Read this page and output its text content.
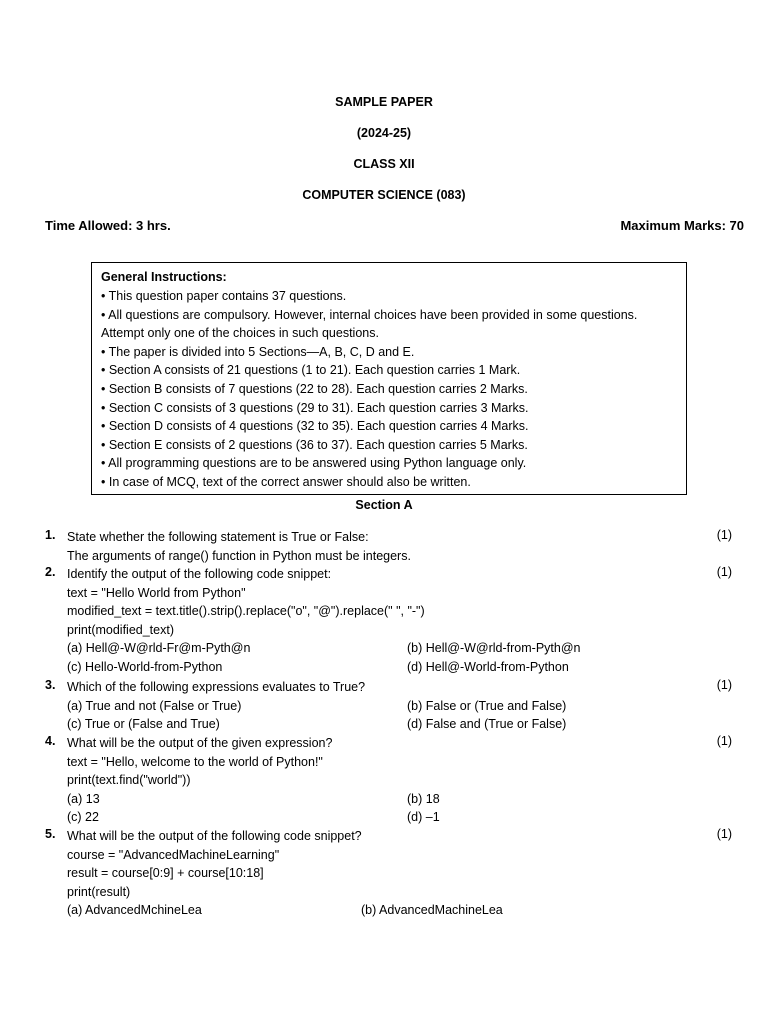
SAMPLE PAPER
(2024-25)
CLASS XII
COMPUTER SCIENCE (083)
Time Allowed: 3 hrs.	Maximum Marks: 70
General Instructions:
• This question paper contains 37 questions.
• All questions are compulsory. However, internal choices have been provided in some questions.
Attempt only one of the choices in such questions.
• The paper is divided into 5 Sections—A, B, C, D and E.
• Section A consists of 21 questions (1 to 21). Each question carries 1 Mark.
• Section B consists of 7 questions (22 to 28). Each question carries 2 Marks.
• Section C consists of 3 questions (29 to 31). Each question carries 3 Marks.
• Section D consists of 4 questions (32 to 35). Each question carries 4 Marks.
• Section E consists of 2 questions (36 to 37). Each question carries 5 Marks.
• All programming questions are to be answered using Python language only.
• In case of MCQ, text of the correct answer should also be written.
Section A
1.	(1)
State whether the following statement is True or False:
The arguments of range() function in Python must be integers.
2.	(1)
Identify the output of the following code snippet:
text = "Hello World from Python"
modified_text = text.title().strip().replace("o", "@").replace(" ", "-")
print(modified_text)
(a) Hell@-W@rld-Fr@m-Pyth@n	(b) Hell@-W@rld-from-Pyth@n
(c) Hello-World-from-Python	(d) Hell@-World-from-Python
3.	(1)
Which of the following expressions evaluates to True?
(a) True and not (False or True)	(b) False or (True and False)
(c) True or (False and True)	(d) False and (True or False)
4.	(1)
What will be the output of the given expression?
text = "Hello, welcome to the world of Python!"
print(text.find("world"))
(a) 13	(b) 18
(c) 22	(d) –1
5.	(1)
What will be the output of the following code snippet?
course = "AdvancedMachineLearning"
result = course[0:9] + course[10:18]
print(result)
(a) AdvancedMchineLea	(b) AdvancedMachineLea
